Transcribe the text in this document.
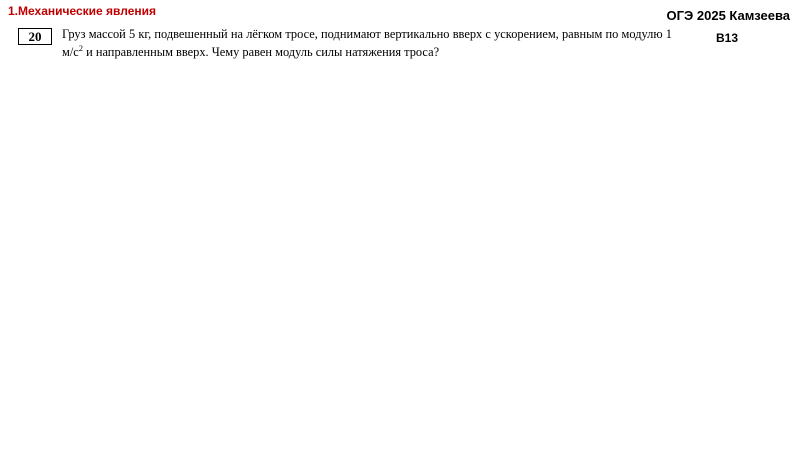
1.Механические явления	ОГЭ 2025 Камзеева
В13
20	Груз массой 5 кг, подвешенный на лёгком тросе, поднимают вертикально вверх с ускорением, равным по модулю 1 $м/с^2$ и направленным вверх. Чему равен модуль силы натяжения троса?
